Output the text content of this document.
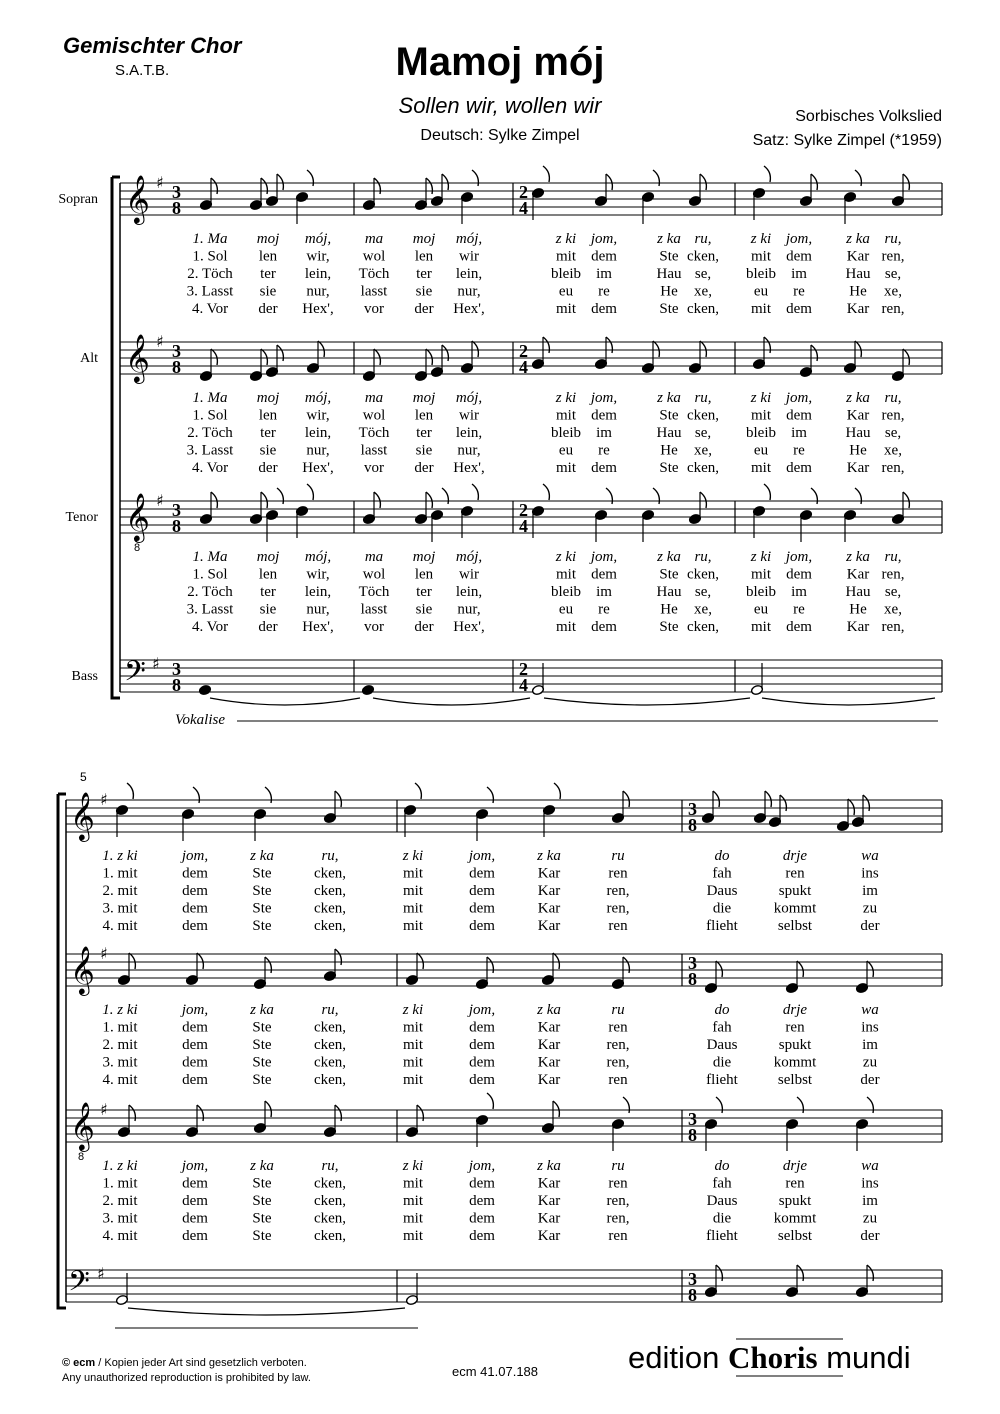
Gemischter Chor
S.A.T.B.	Mamoj mój
Sollen wir, wollen wir
Deutsch: Sylke Zimpel
Sorbisches Volkslied
Satz: Sylke Zimpel (*1959)
Sopran
Alt
Tenor
Bass
𝄞 ♯ 3
8
2
4
𝄞 ♯ 3
8
2
4
𝄞 ♯ 3
8
2
4
8
𝄢 ♯ 3
8
2
4
Vokalise
1. Ma moj mój, ma moj mój,	z ki jom,	z ka ru,	z ki jom, z ka ru,
1. Sol len wir, wol len wir	mit dem	Ste cken, mit dem Kar ren,
2. Töch ter lein, Töch ter lein,	bleib im	Hau se, bleib im	Hau se,
3. Lasst sie nur, lasst sie nur,	eu re	He xe,	eu re	He xe,
4. Vor der Hex', vor der Hex',	mit dem	Ste cken, mit dem Kar ren,
1. Ma moj mój, ma moj mój,	z ki jom,	z ka ru,	z ki jom, z ka ru,
1. Sol len wir, wol len wir	mit dem	Ste cken, mit dem Kar ren,
2. Töch ter lein, Töch ter lein,	bleib im	Hau se, bleib im	Hau se,
3. Lasst sie nur, lasst sie nur,	eu re	He xe,	eu re	He xe,
4. Vor der Hex', vor der Hex',	mit dem	Ste cken, mit dem Kar ren,
1. Ma moj mój, ma moj mój,	z ki jom,	z ka ru,	z ki jom, z ka ru,
1. Sol len wir, wol len wir	mit dem	Ste cken, mit dem Kar ren,
2. Töch ter lein, Töch ter lein,	bleib im	Hau se, bleib im	Hau se,
3. Lasst sie nur, lasst sie nur,	eu re	He xe,	eu re	He xe,
4. Vor der Hex', vor der Hex',	mit dem	Ste cken, mit dem Kar ren,
5
𝄞 ♯	3
8
𝄞 ♯	3
8
𝄞 ♯	3
8
8
𝄢 ♯	3
8
1. z ki	jom,	z ka	ru,	z ki	jom,	z ka	ru	do	drje	wa
1. mit	dem	Ste	cken,	mit	dem	Kar	ren	fah	ren	ins
2. mit	dem	Ste	cken,	mit	dem	Kar	ren,	Daus	spukt	im
3. mit	dem	Ste	cken,	mit	dem	Kar	ren,	die	kommt	zu
4. mit	dem	Ste	cken,	mit	dem	Kar	ren	flieht	selbst	der
1. z ki	jom,	z ka	ru,	z ki	jom,	z ka	ru	do	drje	wa
1. mit	dem	Ste	cken,	mit	dem	Kar	ren	fah	ren	ins
2. mit	dem	Ste	cken,	mit	dem	Kar	ren,	Daus	spukt	im
3. mit	dem	Ste	cken,	mit	dem	Kar	ren,	die	kommt	zu
4. mit	dem	Ste	cken,	mit	dem	Kar	ren	flieht	selbst	der
1. z ki	jom,	z ka	ru,	z ki	jom,	z ka	ru	do	drje	wa
1. mit	dem	Ste	cken,	mit	dem	Kar	ren	fah	ren	ins
2. mit	dem	Ste	cken,	mit	dem	Kar	ren,	Daus	spukt	im
3. mit	dem	Ste	cken,	mit	dem	Kar	ren,	die	kommt	zu
4. mit	dem	Ste	cken,	mit	dem	Kar	ren	flieht	selbst	der
© ecm / Kopien jeder Art sind gesetzlich verboten.
Any unauthorized reproduction is prohibited by law.	ecm 41.07.188	edition Choris mundi
